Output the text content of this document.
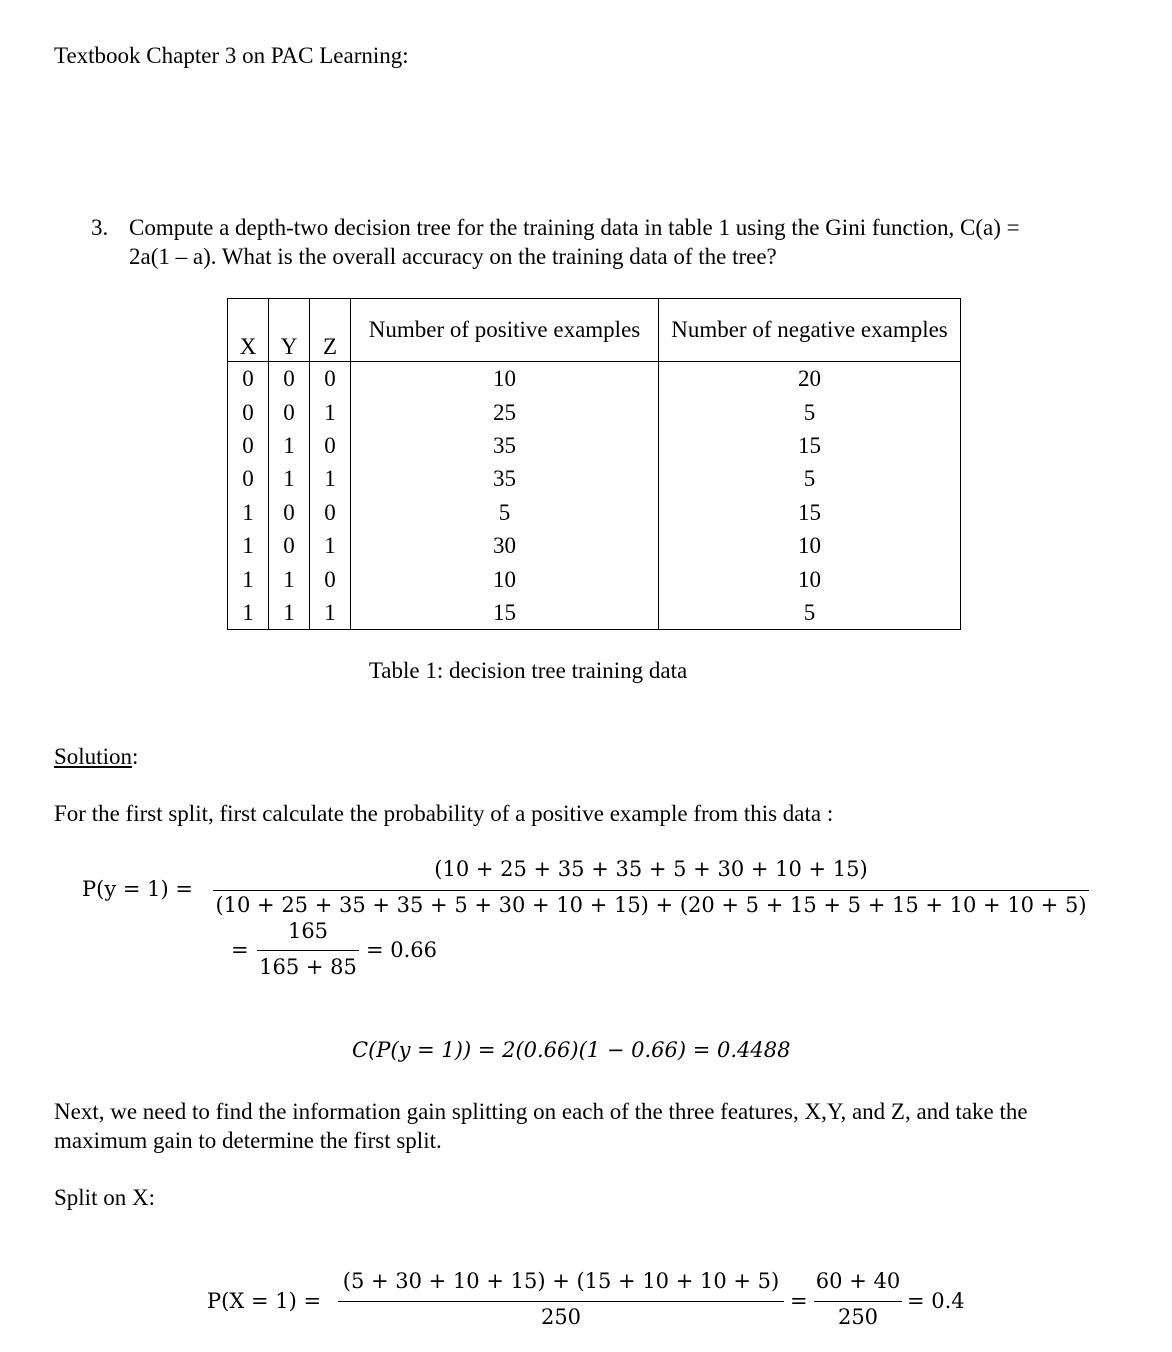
Textbook Chapter 3 on PAC Learning:
3. Compute a depth-two decision tree for the training data in table 1 using the Gini function, C(a) =
2a(1 – a). What is the overall accuracy on the training data of the tree?
X	Y	Z	Number of positive examples	Number of negative examples
0	0	0	10	20
0	0	1	25	5
0	1	0	35	15
0	1	1	35	5
1	0	0	5	15
1	0	1	30	10
1	1	0	10	10
1	1	1	15	5
Table 1: decision tree training data
Solution:
For the first split, first calculate the probability of a positive example from this data :
P(y = 1) =
(10 + 25 + 35 + 35 + 5 + 30 + 10 + 15)
(10 + 25 + 35 + 35 + 5 + 30 + 10 + 15) + (20 + 5 + 15 + 5 + 15 + 10 + 10 + 5)
=
165
165 + 85
= 0.66
C(P(y = 1)) = 2(0.66)(1 − 0.66) = 0.4488
Next, we need to find the information gain splitting on each of the three features, X,Y, and Z, and take the
maximum gain to determine the first split.
Split on X:
P(X = 1) =
(5 + 30 + 10 + 15) + (15 + 10 + 10 + 5)
250
=
60 + 40
250
= 0.4
